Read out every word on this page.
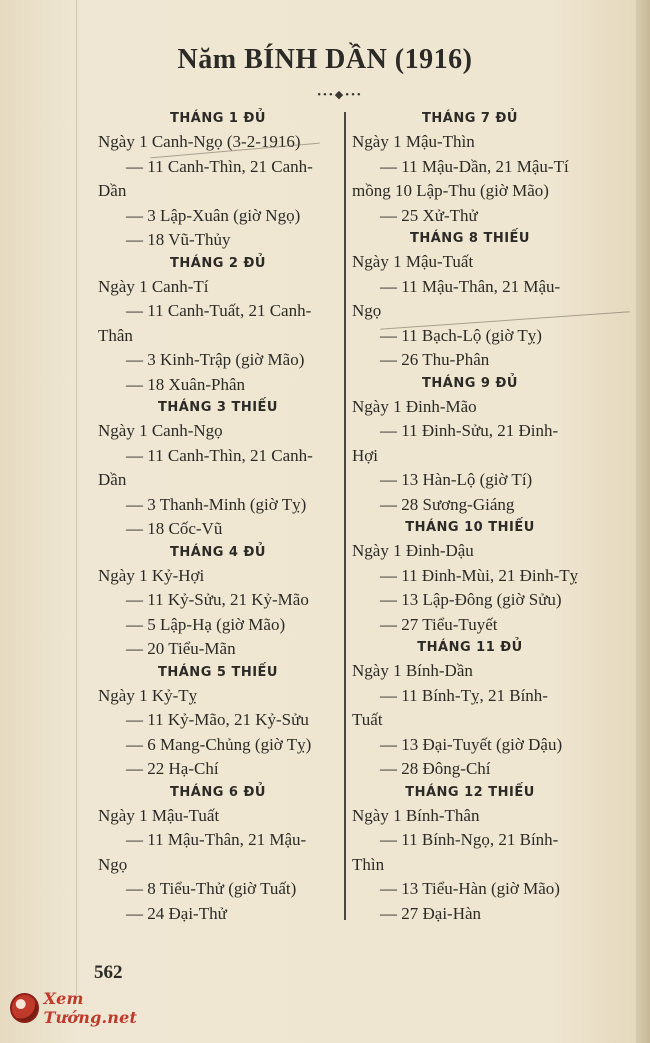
Năm BÍNH DẦN (1916)
•••◆•••
THÁNG 1 ĐỦ
Ngày 1 Canh-Ngọ (3-2-1916)
— 11 Canh-Thìn, 21 Canh-
Dần
— 3 Lập-Xuân (giờ Ngọ)
— 18 Vũ-Thủy
THÁNG 2 ĐỦ
Ngày 1 Canh-Tí
— 11 Canh-Tuất, 21 Canh-
Thân
— 3 Kinh-Trập (giờ Mão)
— 18 Xuân-Phân
THÁNG 3 THIẾU
Ngày 1 Canh-Ngọ
— 11 Canh-Thìn, 21 Canh-
Dần
— 3 Thanh-Minh (giờ Tỵ)
— 18 Cốc-Vũ
THÁNG 4 ĐỦ
Ngày 1 Kỷ-Hợi
— 11 Kỷ-Sửu, 21 Kỷ-Mão
— 5 Lập-Hạ (giờ Mão)
— 20 Tiểu-Mãn
THÁNG 5 THIẾU
Ngày 1 Kỷ-Tỵ
— 11 Kỷ-Mão, 21 Kỷ-Sửu
— 6 Mang-Chủng (giờ Tỵ)
— 22 Hạ-Chí
THÁNG 6 ĐỦ
Ngày 1 Mậu-Tuất
— 11 Mậu-Thân, 21 Mậu-
Ngọ
— 8 Tiểu-Thử (giờ Tuất)
— 24 Đại-Thử
THÁNG 7 ĐỦ
Ngày 1 Mậu-Thìn
— 11 Mậu-Dần, 21 Mậu-Tí
mồng 10 Lập-Thu (giờ Mão)
— 25 Xử-Thử
THÁNG 8 THIẾU
Ngày 1 Mậu-Tuất
— 11 Mậu-Thân, 21 Mậu-
Ngọ
— 11 Bạch-Lộ (giờ Tỵ)
— 26 Thu-Phân
THÁNG 9 ĐỦ
Ngày 1 Đinh-Mão
— 11 Đinh-Sửu, 21 Đinh-
Hợi
— 13 Hàn-Lộ (giờ Tí)
— 28 Sương-Giáng
THÁNG 10 THIẾU
Ngày 1 Đinh-Dậu
— 11 Đinh-Mùi, 21 Đinh-Tỵ
— 13 Lập-Đông (giờ Sửu)
— 27 Tiểu-Tuyết
THÁNG 11 ĐỦ
Ngày 1 Bính-Dần
— 11 Bính-Tỵ, 21 Bính-
Tuất
— 13 Đại-Tuyết (giờ Dậu)
— 28 Đông-Chí
THÁNG 12 THIẾU
Ngày 1 Bính-Thân
— 11 Bính-Ngọ, 21 Bính-
Thìn
— 13 Tiểu-Hàn (giờ Mão)
— 27 Đại-Hàn
562
Xem Tướng.net
